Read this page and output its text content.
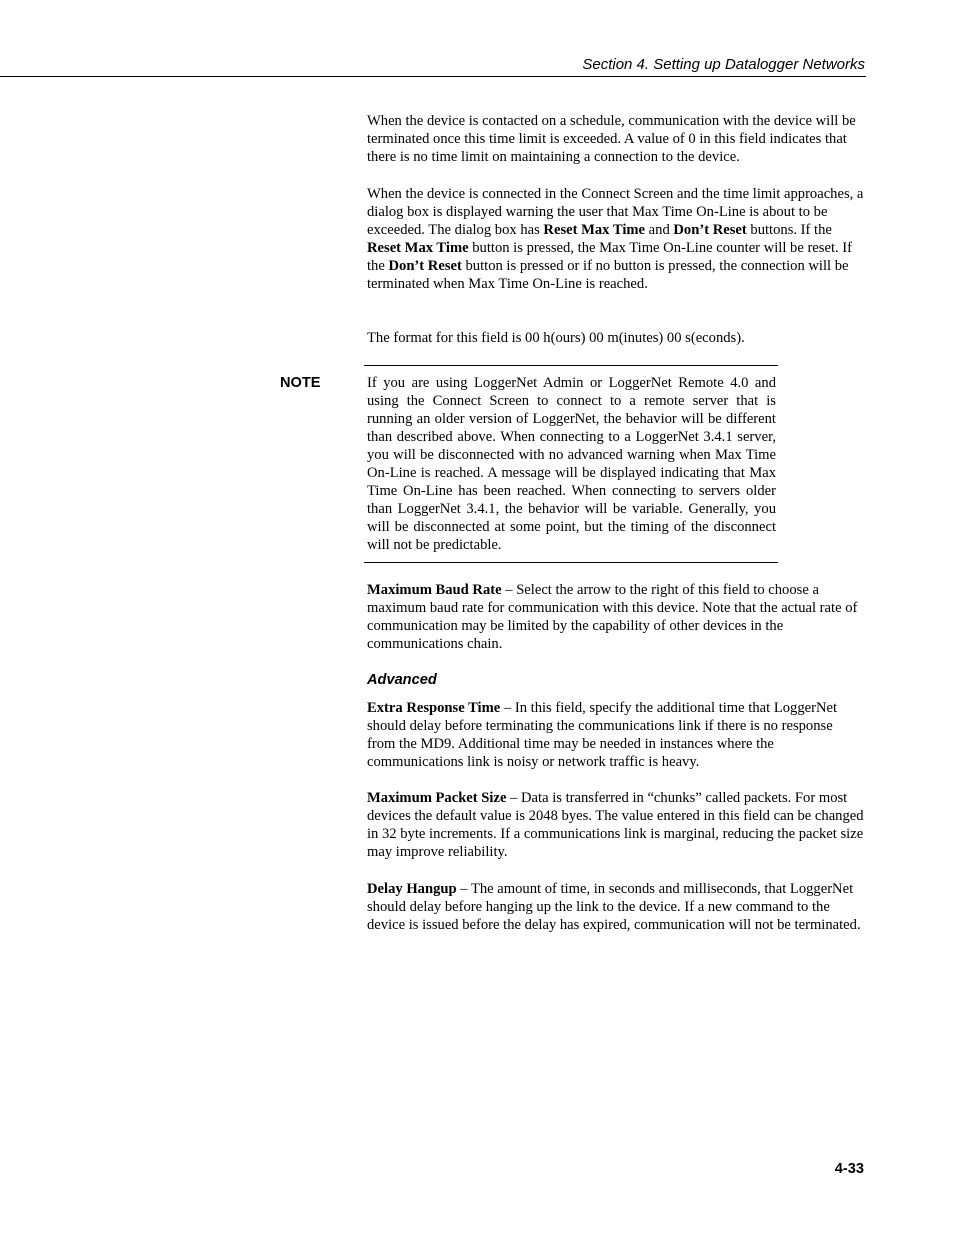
Section 4. Setting up Datalogger Networks

When the device is contacted on a schedule, communication with the device will be terminated once this time limit is exceeded. A value of 0 in this field indicates that there is no time limit on maintaining a connection to the device.

When the device is connected in the Connect Screen and the time limit approaches, a dialog box is displayed warning the user that Max Time On-Line is about to be exceeded. The dialog box has Reset Max Time and Don’t Reset buttons. If the Reset Max Time button is pressed, the Max Time On-Line counter will be reset. If the Don’t Reset button is pressed or if no button is pressed, the connection will be terminated when Max Time On-Line is reached.

The format for this field is 00 h(ours) 00 m(inutes) 00 s(econds).

NOTE	If you are using LoggerNet Admin or LoggerNet Remote 4.0 and using the Connect Screen to connect to a remote server that is running an older version of LoggerNet, the behavior will be different than described above. When connecting to a LoggerNet 3.4.1 server, you will be disconnected with no advanced warning when Max Time On-Line is reached. A message will be displayed indicating that Max Time On-Line has been reached. When connecting to servers older than LoggerNet 3.4.1, the behavior will be variable. Generally, you will be disconnected at some point, but the timing of the disconnect will not be predictable.

Maximum Baud Rate – Select the arrow to the right of this field to choose a maximum baud rate for communication with this device. Note that the actual rate of communication may be limited by the capability of other devices in the communications chain.

Advanced

Extra Response Time – In this field, specify the additional time that LoggerNet should delay before terminating the communications link if there is no response from the MD9. Additional time may be needed in instances where the communications link is noisy or network traffic is heavy.

Maximum Packet Size – Data is transferred in “chunks” called packets. For most devices the default value is 2048 byes. The value entered in this field can be changed in 32 byte increments. If a communications link is marginal, reducing the packet size may improve reliability.

Delay Hangup – The amount of time, in seconds and milliseconds, that LoggerNet should delay before hanging up the link to the device. If a new command to the device is issued before the delay has expired, communication will not be terminated.

4-33
